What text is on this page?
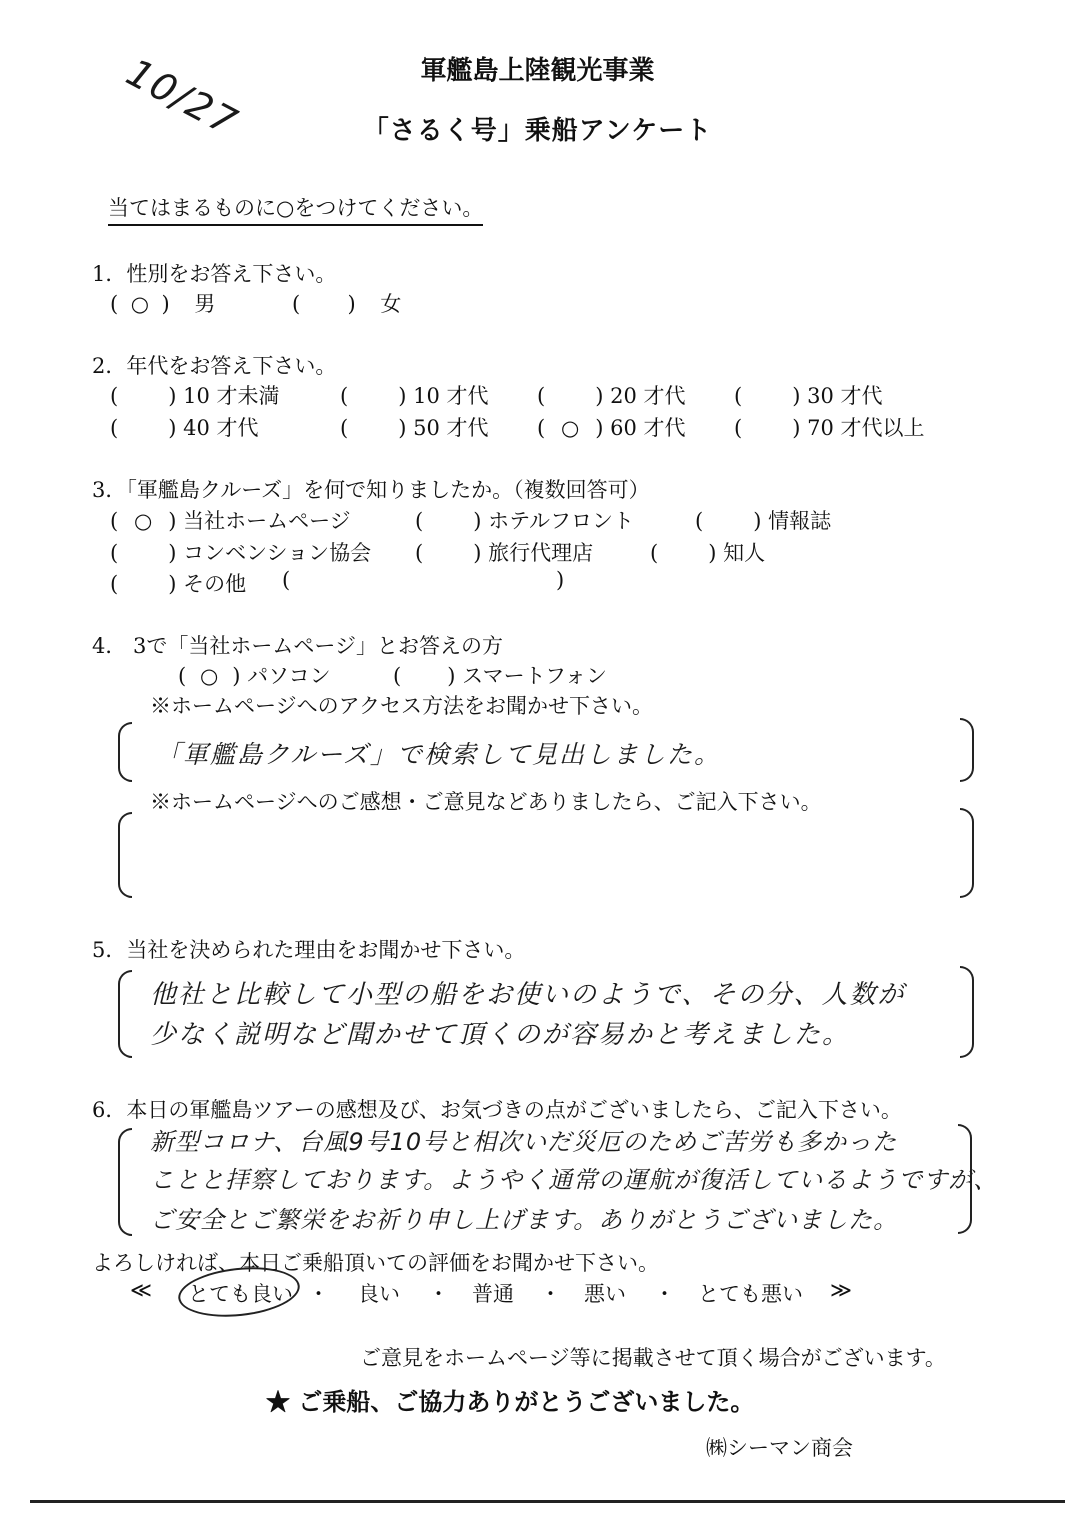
10/27	軍艦島上陸観光事業
「さるく号」乗船アンケート
当てはまるものに○をつけてください。
1．性別をお答え下さい。
( ○ ) 男	(  ) 女
2．年代をお答え下さい。
( ) 10 才未満	( ) 10 才代 ( ) 20 才代 ( ) 30 才代
( ) 40 才代	( ) 50 才代 ( ○ ) 60 才代 ( ) 70 才代以上
3．「軍艦島クルーズ」を何で知りましたか。（複数回答可）
( ○ ) 当社ホームページ	( ) ホテルフロント	( ) 情報誌
( ) コンベンション協会 ( ) 旅行代理店	( ) 知人
( ) その他 (	)
4． 3で「当社ホームページ」とお答えの方
( ○ ) パソコン	( ) スマートフォン
※ホームページへのアクセス方法をお聞かせ下さい。
「軍艦島クルーズ」で検索して見出しました。
※ホームページへのご感想・ご意見などありましたら、ご記入下さい。
5．当社を決められた理由をお聞かせ下さい。
他社と比較して小型の船をお使いのようで、その分、人数が
少なく説明など聞かせて頂くのが容易かと考えました。
6．本日の軍艦島ツアーの感想及び、お気づきの点がございましたら、ご記入下さい。
新型コロナ、台風9号10号と相次いだ災厄のためご苦労も多かった
ことと拝察しております。ようやく通常の運航が復活しているようですが、
ご安全とご繁栄をお祈り申し上げます。ありがとうございました。
よろしければ、本日ご乗船頂いての評価をお聞かせ下さい。
≪ とても良い ・ 良い ・ 普通 ・ 悪い ・ とても悪い ≫
ご意見をホームページ等に掲載させて頂く場合がございます。
★ ご乗船、ご協力ありがとうございました。
㈱シーマン商会
